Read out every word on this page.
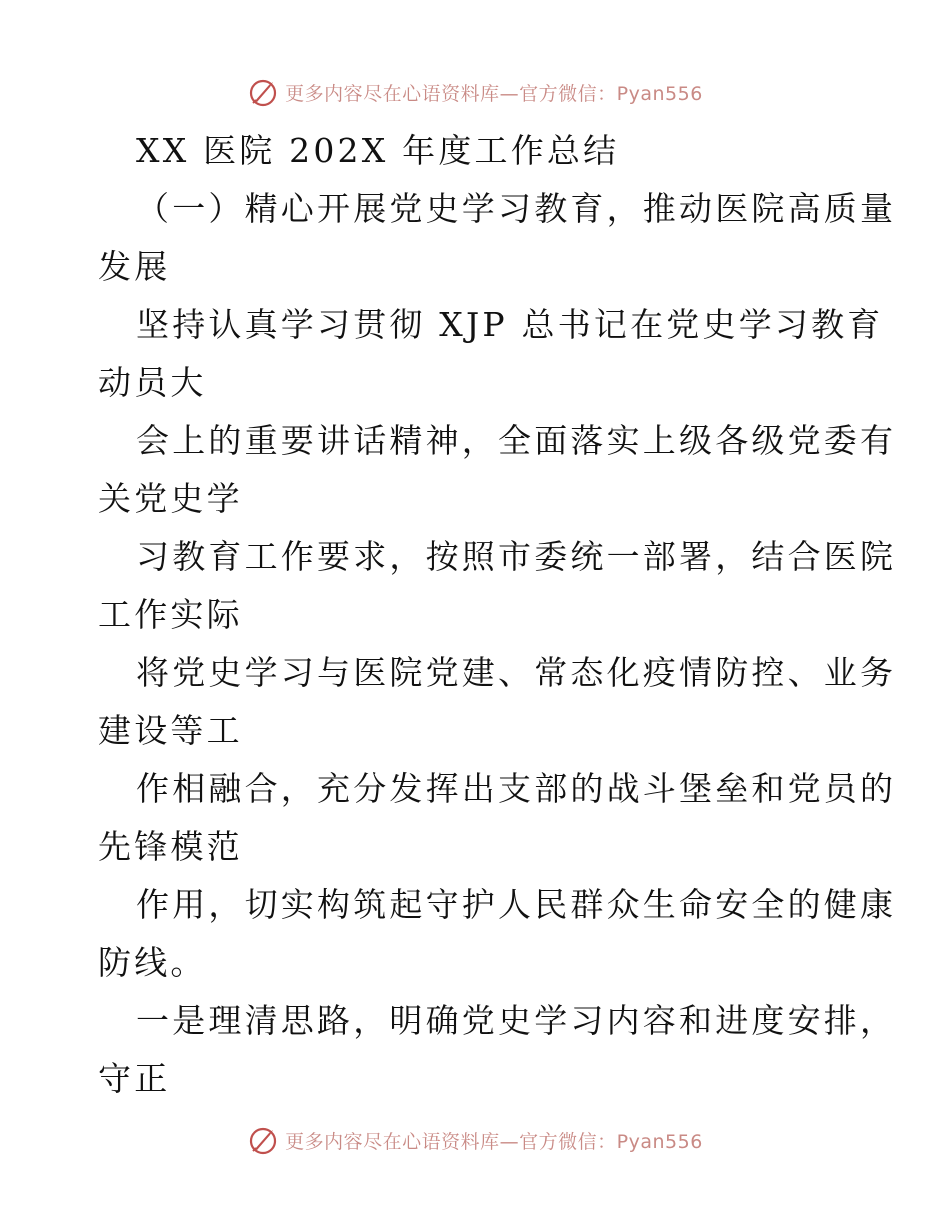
更多内容尽在心语资料库—官方微信：Pyan556
XX 医院 202X 年度工作总结
（一）精心开展党史学习教育，推动医院高质量
发展
坚持认真学习贯彻 XJP 总书记在党史学习教育
动员大
会上的重要讲话精神，全面落实上级各级党委有
关党史学
习教育工作要求，按照市委统一部署，结合医院
工作实际
将党史学习与医院党建、常态化疫情防控、业务
建设等工
作相融合，充分发挥出支部的战斗堡垒和党员的
先锋模范
作用，切实构筑起守护人民群众生命安全的健康
防线。
一是理清思路，明确党史学习内容和进度安排，
守正
更多内容尽在心语资料库—官方微信：Pyan556
